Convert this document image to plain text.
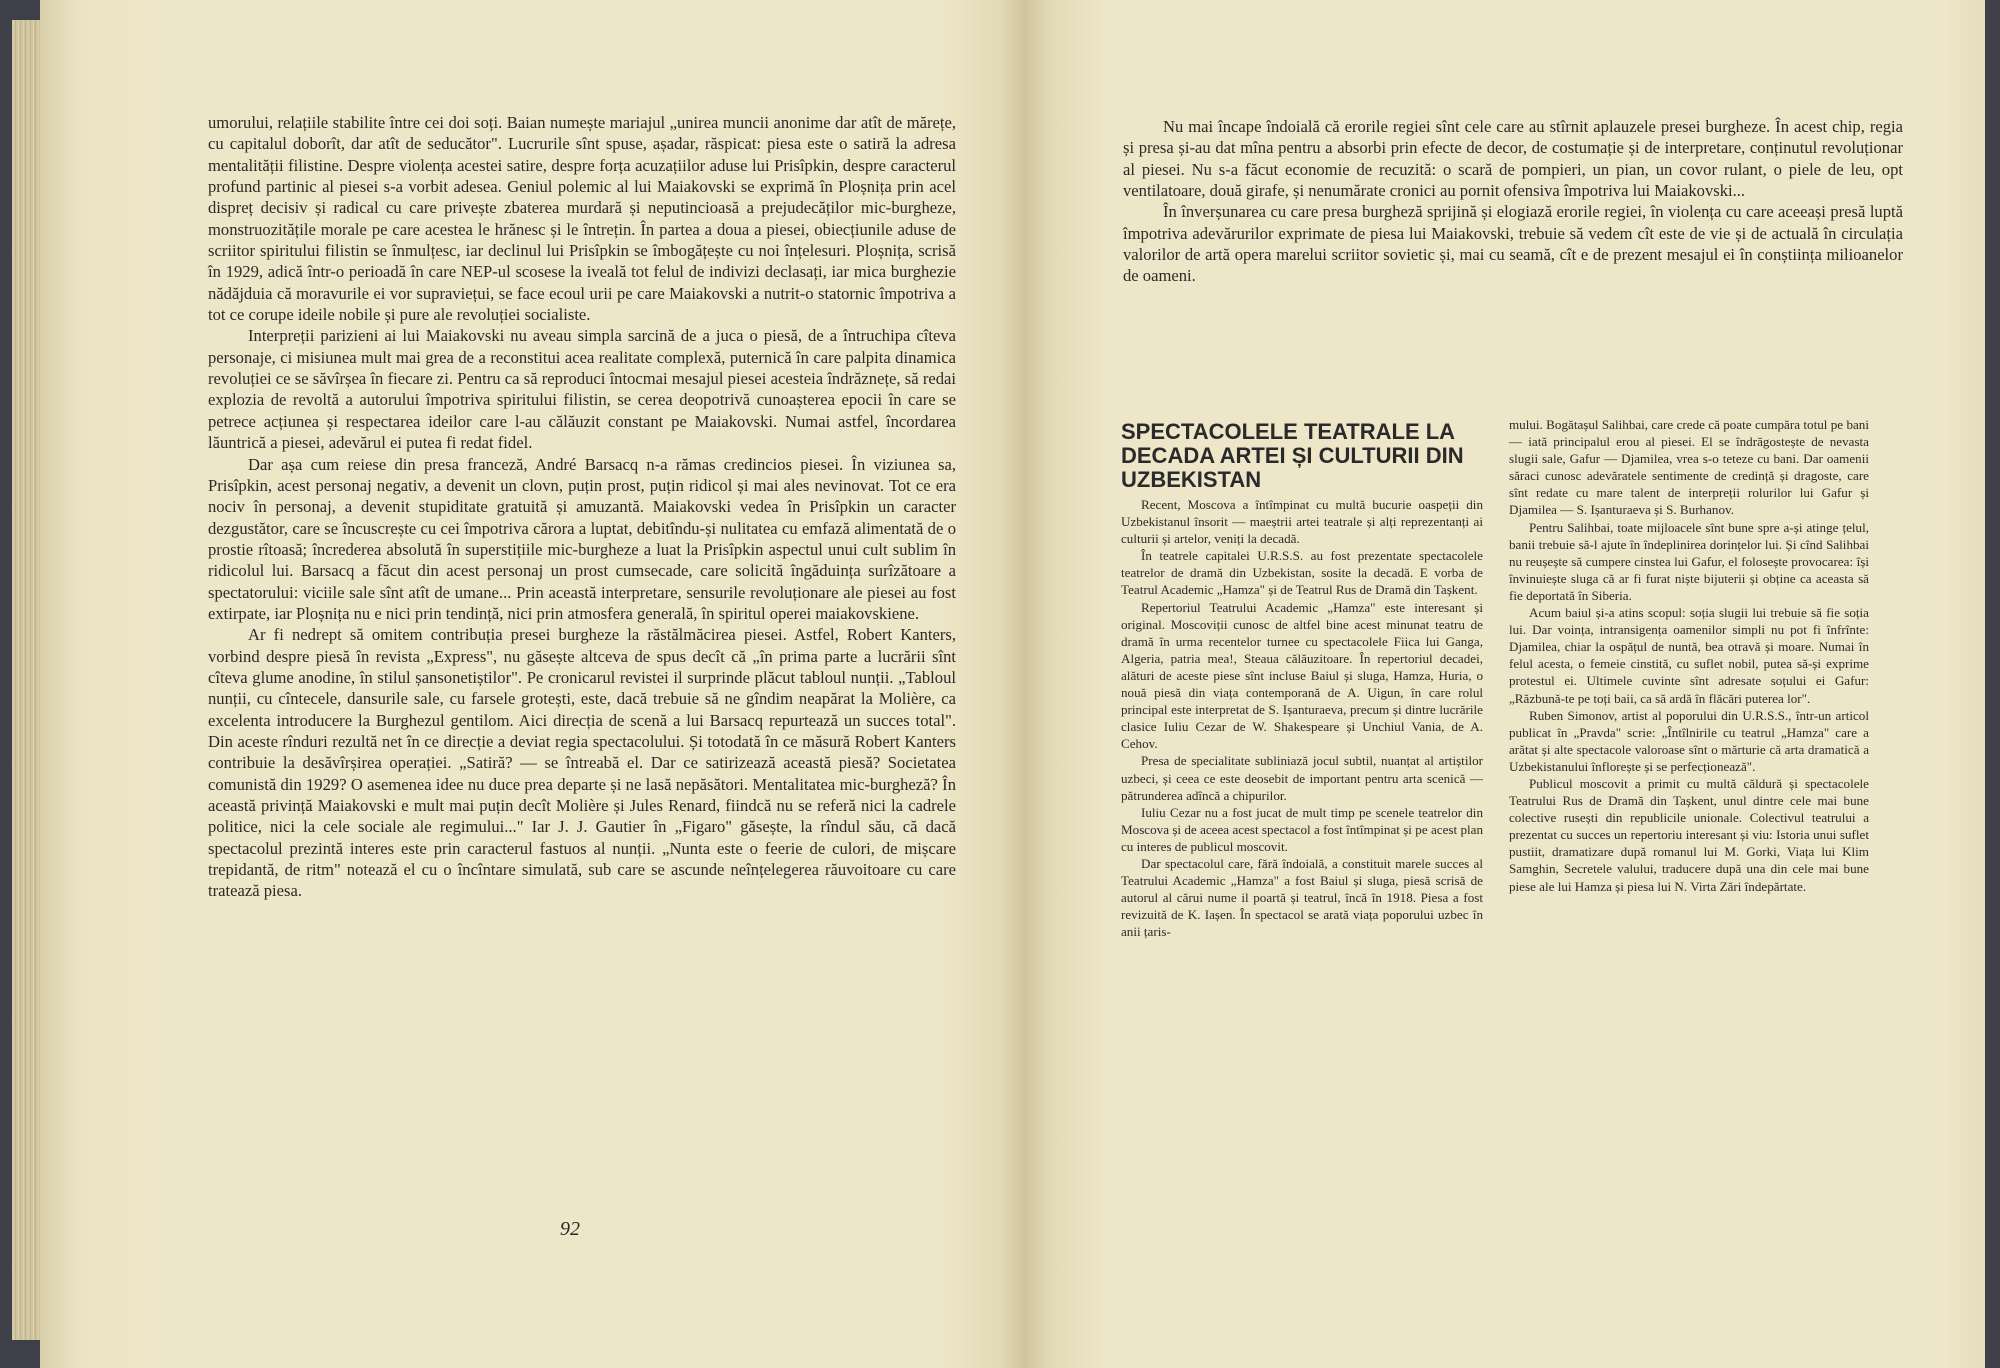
umorului, relațiile stabilite între cei doi soți. Baian numește mariajul „unirea muncii anonime dar atît de mărețe, cu capitalul doborît, dar atît de seducător". Lucrurile sînt spuse, așadar, răspicat: piesa este o satiră la adresa mentalității filistine. Despre violența acestei satire, despre forța acuzațiilor aduse lui Prisîpkin, despre caracterul profund partinic al piesei s-a vorbit adesea. Geniul polemic al lui Maiakovski se exprimă în Ploșnița prin acel dispreț decisiv și radical cu care privește zbaterea murdară și neputincioasă a prejudecăților mic-burgheze, monstruozitățile morale pe care acestea le hrănesc și le întrețin. În partea a doua a piesei, obiecțiunile aduse de scriitor spiritului filistin se înmulțesc, iar declinul lui Prisîpkin se îmbogățește cu noi înțelesuri. Ploșnița, scrisă în 1929, adică într-o perioadă în care NEP-ul scosese la iveală tot felul de indivizi declasați, iar mica burghezie nădăjduia că moravurile ei vor supraviețui, se face ecoul urii pe care Maiakovski a nutrit-o statornic împotriva a tot ce corupe ideile nobile și pure ale revoluției socialiste.

Interpreții parizieni ai lui Maiakovski nu aveau simpla sarcină de a juca o piesă, de a întruchipa cîteva personaje, ci misiunea mult mai grea de a reconstitui acea realitate complexă, puternică în care palpita dinamica revoluției ce se săvîrșea în fiecare zi. Pentru ca să reproduci întocmai mesajul piesei acesteia îndrăznețe, să redai explozia de revoltă a autorului împotriva spiritului filistin, se cerea deopotrivă cunoașterea epocii în care se petrece acțiunea și respectarea ideilor care l-au călăuzit constant pe Maiakovski. Numai astfel, încordarea lăuntrică a piesei, adevărul ei putea fi redat fidel.

Dar așa cum reiese din presa franceză, André Barsacq n-a rămas credincios piesei. În viziunea sa, Prisîpkin, acest personaj negativ, a devenit un clovn, puțin prost, puțin ridicol și mai ales nevinovat. Tot ce era nociv în personaj, a devenit stupiditate gratuită și amuzantă. Maiakovski vedea în Prisîpkin un caracter dezgustător, care se încuscrește cu cei împotriva cărora a luptat, debitîndu-și nulitatea cu emfază alimentată de o prostie rîtoasă; încrederea absolută în superstițiile mic-burgheze a luat la Prisîpkin aspectul unui cult sublim în ridicolul lui. Barsacq a făcut din acest personaj un prost cumsecade, care solicită îngăduința surîzătoare a spectatorului: viciile sale sînt atît de umane... Prin această interpretare, sensurile revoluționare ale piesei au fost extirpate, iar Ploșnița nu e nici prin tendință, nici prin atmosfera generală, în spiritul operei maiakovskiene.

Ar fi nedrept să omitem contribuția presei burgheze la răstălmăcirea piesei. Astfel, Robert Kanters, vorbind despre piesă în revista „Express", nu găsește altceva de spus decît că „în prima parte a lucrării sînt cîteva glume anodine, în stilul șansonetiștilor". Pe cronicarul revistei il surprinde plăcut tabloul nunții. „Tabloul nunții, cu cîntecele, dansurile sale, cu farsele grotești, este, dacă trebuie să ne gîndim neapărat la Molière, ca excelenta introducere la Burghezul gentilom. Aici direcția de scenă a lui Barsacq repurtează un succes total". Din aceste rînduri rezultă net în ce direcție a deviat regia spectacolului. Și totodată în ce măsură Robert Kanters contribuie la desăvîrșirea operației. „Satiră? — se întreabă el. Dar ce satirizează această piesă? Societatea comunistă din 1929? O asemenea idee nu duce prea departe și ne lasă nepăsători. Mentalitatea mic-burgheză? În această privință Maiakovski e mult mai puțin decît Molière și Jules Renard, fiindcă nu se referă nici la cadrele politice, nici la cele sociale ale regimului..." Iar J. J. Gautier în „Figaro" găsește, la rîndul său, că dacă spectacolul prezintă interes este prin caracterul fastuos al nunții. „Nunta este o feerie de culori, de mișcare trepidantă, de ritm" notează el cu o încîntare simulată, sub care se ascunde neînțelegerea răuvoitoare cu care tratează piesa.

92

Nu mai încape îndoială că erorile regiei sînt cele care au stîrnit aplauzele presei burgheze. În acest chip, regia și presa și-au dat mîna pentru a absorbi prin efecte de decor, de costumație și de interpretare, conținutul revoluționar al piesei. Nu s-a făcut economie de recuzită: o scară de pompieri, un pian, un covor rulant, o piele de leu, opt ventilatoare, două girafe, și nenumărate cronici au pornit ofensiva împotriva lui Maiakovski...

În înverșunarea cu care presa burgheză sprijină și elogiază erorile regiei, în violența cu care aceeași presă luptă împotriva adevărurilor exprimate de piesa lui Maiakovski, trebuie să vedem cît este de vie și de actuală în circulația valorilor de artă opera marelui scriitor sovietic și, mai cu seamă, cît e de prezent mesajul ei în conștiința milioanelor de oameni.

SPECTACOLELE TEATRALE LA DECADA ARTEI ȘI CULTURII DIN UZBEKISTAN

Recent, Moscova a întîmpinat cu multă bucurie oaspeții din Uzbekistanul însorit — maeștrii artei teatrale și alți reprezentanți ai culturii și artelor, veniți la decadă.

În teatrele capitalei U.R.S.S. au fost prezentate spectacolele teatrelor de dramă din Uzbekistan, sosite la decadă. E vorba de Teatrul Academic „Hamza" și de Teatrul Rus de Dramă din Tașkent.

Repertoriul Teatrului Academic „Hamza" este interesant și original. Moscoviții cunosc de altfel bine acest minunat teatru de dramă în urma recentelor turnee cu spectacolele Fiica lui Ganga, Algeria, patria mea!, Steaua călăuzitoare. În repertoriul decadei, alături de aceste piese sînt incluse Baiul și sluga, Hamza, Huria, o nouă piesă din viața contemporană de A. Uigun, în care rolul principal este interpretat de S. Ișanturaeva, precum și dintre lucrările clasice Iuliu Cezar de W. Shakespeare și Unchiul Vania, de A. Cehov.

Presa de specialitate subliniază jocul subtil, nuanțat al artiștilor uzbeci, și ceea ce este deosebit de important pentru arta scenică — pătrunderea adîncă a chipurilor.

Iuliu Cezar nu a fost jucat de mult timp pe scenele teatrelor din Moscova și de aceea acest spectacol a fost întîmpinat și pe acest plan cu interes de publicul moscovit.

Dar spectacolul care, fără îndoială, a constituit marele succes al Teatrului Academic „Hamza" a fost Baiul și sluga, piesă scrisă de autorul al cărui nume il poartă și teatrul, încă în 1918. Piesa a fost revizuită de K. Iașen. În spectacol se arată viața poporului uzbec în anii țaris-

mului. Bogătașul Salihbai, care crede că poate cumpăra totul pe bani — iată principalul erou al piesei. El se îndrăgostește de nevasta slugii sale, Gafur — Djamilea, vrea s-o teteze cu bani. Dar oamenii săraci cunosc adevăratele sentimente de credință și dragoste, care sînt redate cu mare talent de interpreții rolurilor lui Gafur și Djamilea — S. Ișanturaeva și S. Burhanov.

Pentru Salihbai, toate mijloacele sînt bune spre a-și atinge țelul, banii trebuie să-l ajute în îndeplinirea dorințelor lui. Și cînd Salihbai nu reușește să cumpere cinstea lui Gafur, el folosește provocarea: își învinuiește sluga că ar fi furat niște bijuterii și obține ca aceasta să fie deportată în Siberia.

Acum baiul și-a atins scopul: soția slugii lui trebuie să fie soția lui. Dar voința, intransigența oamenilor simpli nu pot fi înfrînte: Djamilea, chiar la ospățul de nuntă, bea otravă și moare. Numai în felul acesta, o femeie cinstită, cu suflet nobil, putea să-și exprime protestul ei. Ultimele cuvinte sînt adresate soțului ei Gafur: „Răzbună-te pe toți baii, ca să ardă în flăcări puterea lor".

Ruben Simonov, artist al poporului din U.R.S.S., într-un articol publicat în „Pravda" scrie: „Întîlnirile cu teatrul „Hamza" care a arătat și alte spectacole valoroase sînt o mărturie că arta dramatică a Uzbekistanului înflorește și se perfecționează".

Publicul moscovit a primit cu multă căldură și spectacolele Teatrului Rus de Dramă din Tașkent, unul dintre cele mai bune colective rusești din republicile unionale. Colectivul teatrului a prezentat cu succes un repertoriu interesant și viu: Istoria unui suflet pustiit, dramatizare după romanul lui M. Gorki, Viața lui Klim Samghin, Secretele valului, traducere după una din cele mai bune piese ale lui Hamza și piesa lui N. Virta Zări îndepărtate.
